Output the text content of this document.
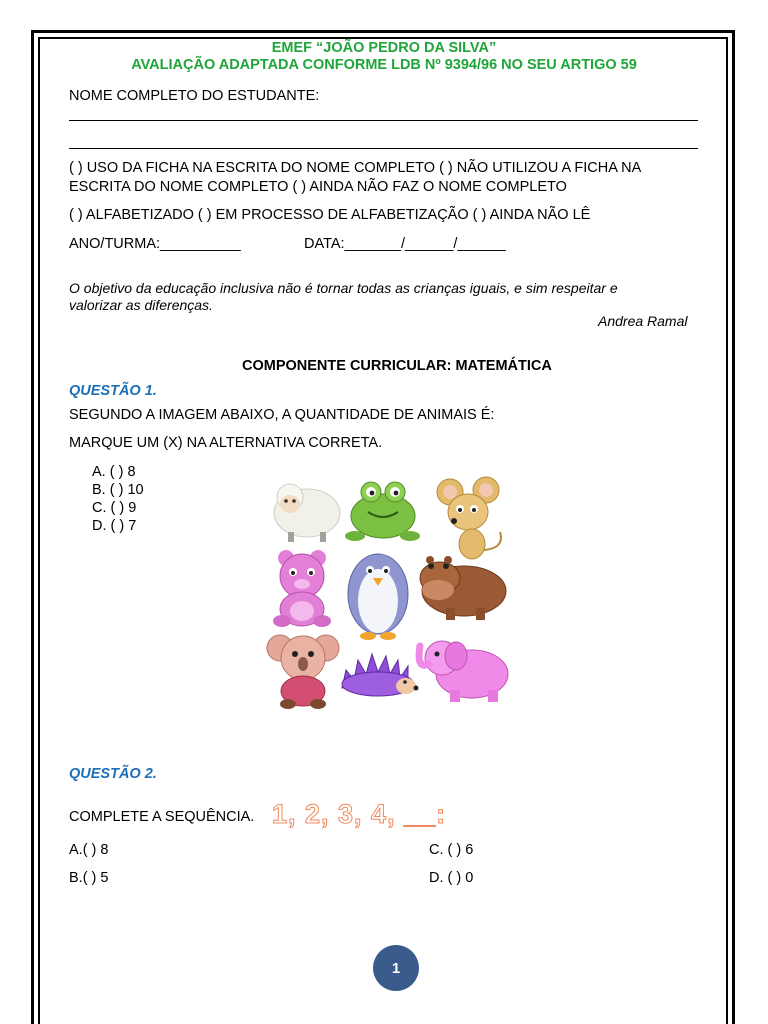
EMEF “JOÃO PEDRO DA SILVA”
AVALIAÇÃO ADAPTADA CONFORME LDB Nº 9394/96 NO SEU ARTIGO 59
NOME COMPLETO DO ESTUDANTE:
( ) USO DA FICHA NA ESCRITA DO NOME COMPLETO ( ) NÃO UTILIZOU A FICHA NA
ESCRITA DO NOME COMPLETO ( ) AINDA NÃO FAZ O NOME COMPLETO
( ) ALFABETIZADO ( ) EM PROCESSO DE ALFABETIZAÇÃO ( ) AINDA NÃO LÊ
ANO/TURMA:__________	DATA:_______/______/______
O objetivo da educação inclusiva não é tornar todas as crianças iguais, e sim respeitar e
valorizar as diferenças.
Andrea Ramal
COMPONENTE CURRICULAR: MATEMÁTICA
QUESTÃO 1.
SEGUNDO A IMAGEM ABAIXO, A QUANTIDADE DE ANIMAIS É:
MARQUE UM (X) NA ALTERNATIVA CORRETA.
A. ( ) 8
B. ( ) 10
C. ( ) 9
D. ( ) 7
QUESTÃO 2.
COMPLETE A SEQUÊNCIA. 1, 2, 3, 4, __:
A.( ) 8
B.( ) 5
C. ( ) 6
D. ( ) 0
1
